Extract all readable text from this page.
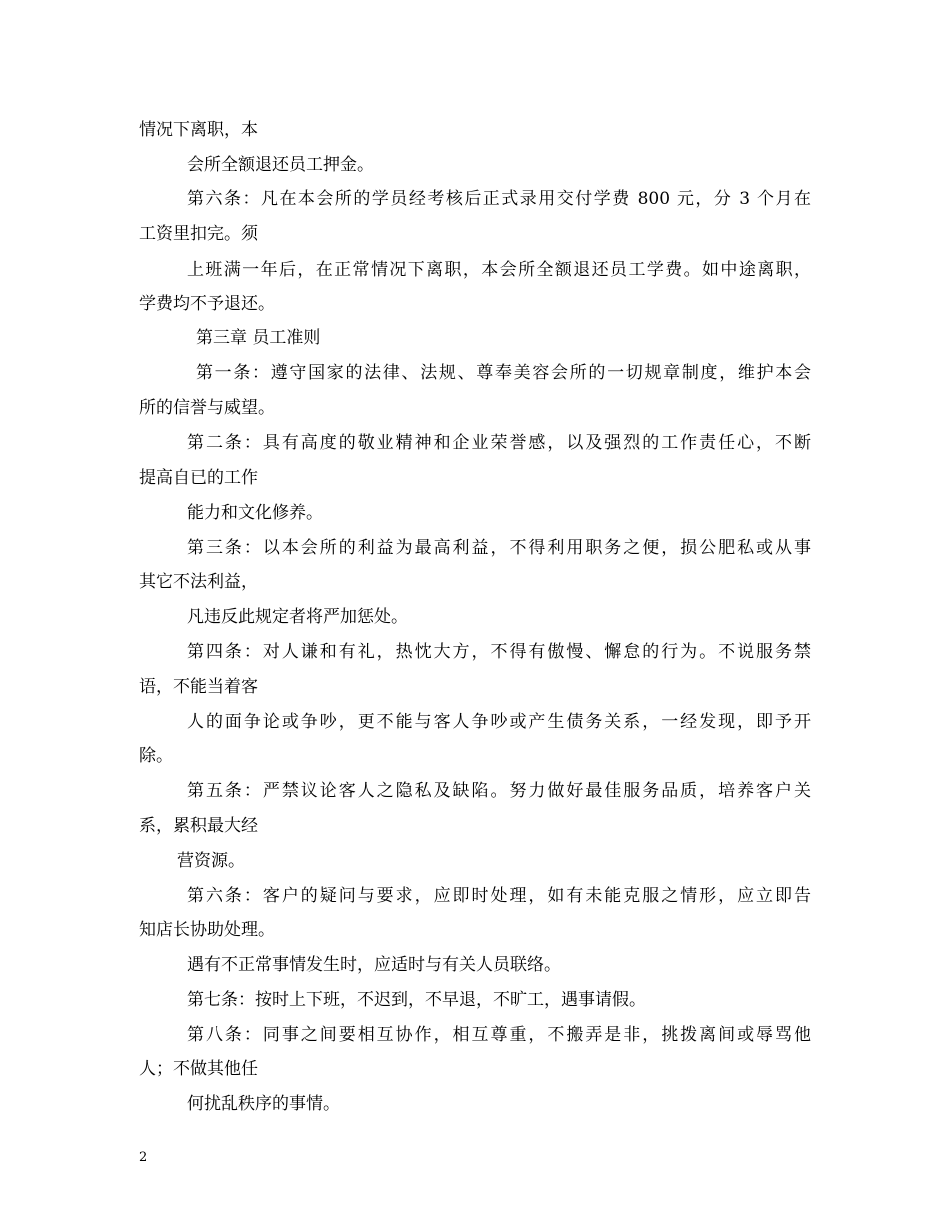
情况下离职，本

会所全额退还员工押金。

第六条：凡在本会所的学员经考核后正式录用交付学费 800 元，分 3 个月在

工资里扣完。须

上班满一年后，在正常情况下离职，本会所全额退还员工学费。如中途离职，

学费均不予退还。

第三章 员工准则

第一条：遵守国家的法律、法规、尊奉美容会所的一切规章制度，维护本会

所的信誉与威望。

第二条：具有高度的敬业精神和企业荣誉感，以及强烈的工作责任心，不断

提高自已的工作

能力和文化修养。

第三条：以本会所的利益为最高利益，不得利用职务之便，损公肥私或从事

其它不法利益，

凡违反此规定者将严加惩处。

第四条：对人谦和有礼，热忱大方，不得有傲慢、懈怠的行为。不说服务禁

语，不能当着客

人的面争论或争吵，更不能与客人争吵或产生债务关系，一经发现，即予开

除。

第五条：严禁议论客人之隐私及缺陷。努力做好最佳服务品质，培养客户关

系，累积最大经

营资源。

第六条：客户的疑问与要求，应即时处理，如有未能克服之情形，应立即告

知店长协助处理。

遇有不正常事情发生时，应适时与有关人员联络。

第七条：按时上下班，不迟到，不早退，不旷工，遇事请假。

第八条：同事之间要相互协作，相互尊重，不搬弄是非，挑拨离间或辱骂他

人；不做其他任

何扰乱秩序的事情。

2
